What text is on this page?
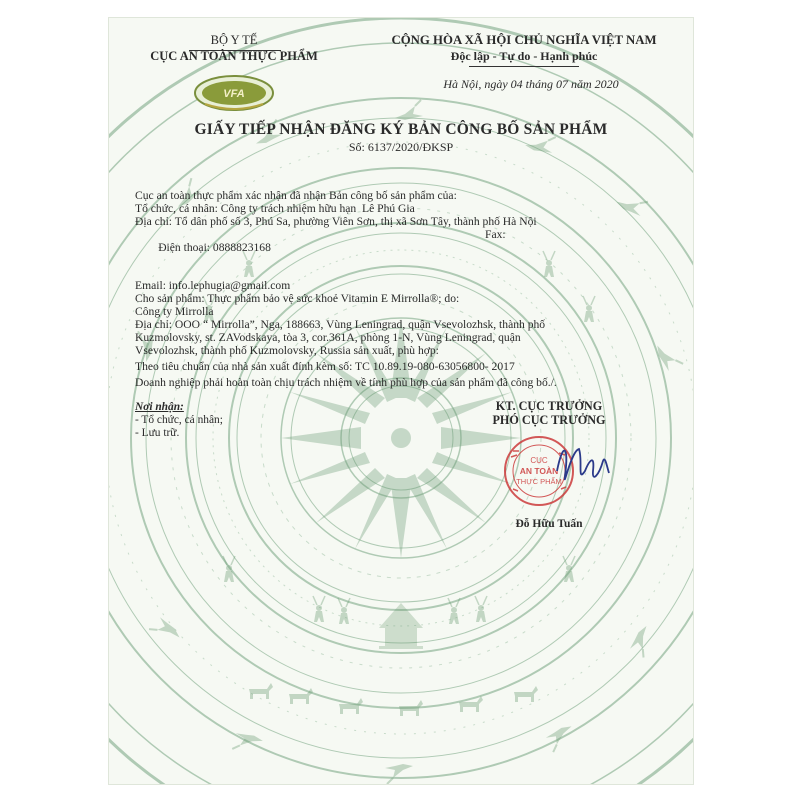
BỘ Y TẾ
CỤC AN TOÀN THỰC PHẨM
VFA
CỘNG HÒA XÃ HỘI CHỦ NGHĨA VIỆT NAM
Độc lập - Tự do - Hạnh phúc
Hà Nội, ngày 04 tháng 07 năm 2020
GIẤY TIẾP NHẬN ĐĂNG KÝ BẢN CÔNG BỐ SẢN PHẨM
Số: 6137/2020/ĐKSP
Cục an toàn thực phẩm xác nhận đã nhận Bản công bố sản phẩm của:
Tổ chức, cá nhân: Công ty trách nhiệm hữu hạn  Lê Phú Gia
Địa chỉ: Tổ dân phố số 3, Phú Sa, phường Viên Sơn, thị xã Sơn Tây, thành phố Hà Nội

Điện thoại: 0888823168

Fax:

Email: info.lephugia@gmail.com
Cho sản phẩm: Thực phẩm bảo vệ sức khoẻ Vitamin E Mirrolla®; do:
Công ty Mirrolla
Địa chỉ: OOO “ Mirrolla”, Nga, 188663, Vùng Leningrad, quận Vsevolozhsk, thành phố
Kuzmolovsky, st. ZAVodskaya, tòa 3, cor.361A, phòng 1-N, Vùng Leningrad, quận
Vsevolozhsk, thành phố Kuzmolovsky, Russia sản xuất, phù hợp:
Theo tiêu chuẩn của nhà sản xuất đính kèm số: TC 10.89.19-080-63056800- 2017
Doanh nghiệp phải hoàn toàn chịu trách nhiệm về tính phù hợp của sản phẩm đã công bố./.
Nơi nhận:
- Tổ chức, cá nhân;
- Lưu trữ.
KT. CỤC TRƯỞNG
PHÓ CỤC TRƯỞNG
CỤC
AN TOÀN
THỰC PHẨM
Đỗ Hữu Tuấn
